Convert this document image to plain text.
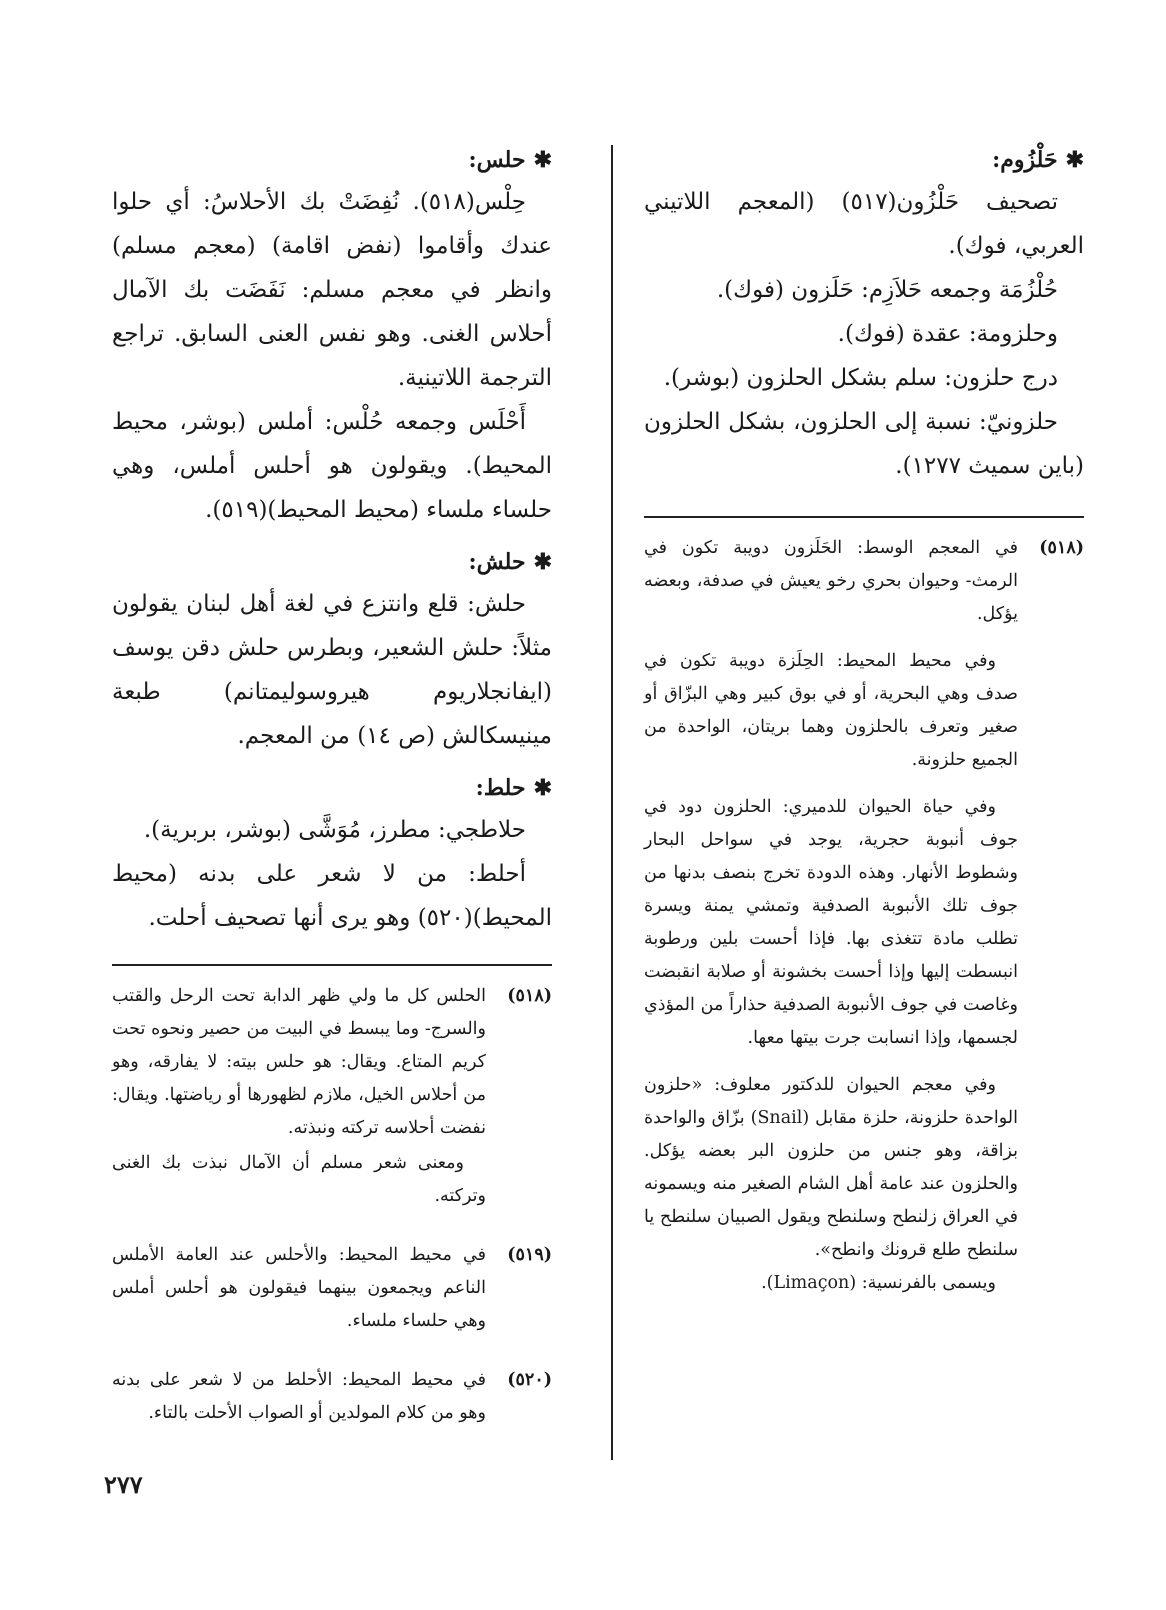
✱حَلْزُوم:

تصحيف حَلْزُون(٥١٧) (المعجم اللاتيني العربي، فوك).

حُلْزُمَة وجمعه حَلاَزِم: حَلَزون (فوك).

وحلزومة: عقدة (فوك).

درج حلزون: سلم بشكل الحلزون (بوشر).

حلزونيّ: نسبة إلى الحلزون، بشكل الحلزون (باين سميث ١٢٧٧).

(٥١٨)

في المعجم الوسط: الحَلَزون دويبة تكون في الرمث- وحيوان بحري رخو يعيش في صدفة، وبعضه يؤكل.

وفي محيط المحيط: الحِلَزة دويبة تكون في صدف وهي البحرية، أو في بوق كبير وهي البزّاق أو صغير وتعرف بالحلزون وهما بريتان، الواحدة من الجميع حلزونة.

وفي حياة الحيوان للدميري: الحلزون دود في جوف أنبوبة حجرية، يوجد في سواحل البحار وشطوط الأنهار. وهذه الدودة تخرج بنصف بدنها من جوف تلك الأنبوبة الصدفية وتمشي يمنة ويسرة تطلب مادة تتغذى بها. فإذا أحست بلين ورطوبة انبسطت إليها وإذا أحست بخشونة أو صلابة انقبضت وغاصت في جوف الأنبوبة الصدفية حذاراً من المؤذي لجسمها، وإذا انسابت جرت بيتها معها.

وفي معجم الحيوان للدكتور معلوف: «حلزون الواحدة حلزونة، حلزة مقابل (Snail) بزّاق والواحدة بزاقة، وهو جنس من حلزون البر بعضه يؤكل. والحلزون عند عامة أهل الشام الصغير منه ويسمونه في العراق زلنطح وسلنطح ويقول الصبيان سلنطح يا سلنطح طلع قرونك وانطح».

ويسمى بالفرنسية: (Limaçon).

✱حلس:

حِلْس(٥١٨). نُفِضَتْ بك الأحلاسُ: أي حلوا عندك وأقاموا (نفض اقامة) (معجم مسلم) وانظر في معجم مسلم: نَفَضَت بك الآمال أحلاس الغنى. وهو نفس العنى السابق. تراجع الترجمة اللاتينية.

أَحْلَس وجمعه حُلْس: أملس (بوشر، محيط المحيط). ويقولون هو أحلس أملس، وهي حلساء ملساء (محيط المحيط)(٥١٩).

✱حلش:

حلش: قلع وانتزع في لغة أهل لبنان يقولون مثلاً: حلش الشعير، وبطرس حلش دقن يوسف (ايفانجلاريوم هيروسوليمتانم) طبعة مينيسكالش (ص ١٤) من المعجم.

✱حلط:

حلاطجي: مطرز، مُوَشَّى (بوشر، بربرية).

أحلط: من لا شعر على بدنه (محيط المحيط)(٥٢٠) وهو يرى أنها تصحيف أحلت.

(٥١٨)

الحلس كل ما ولي ظهر الدابة تحت الرحل والقتب والسرج- وما يبسط في البيت من حصير ونحوه تحت كريم المتاع. ويقال: هو حلس بيته: لا يفارقه، وهو من أحلاس الخيل، ملازم لظهورها أو رياضتها. ويقال: نفضت أحلاسه تركته ونبذته.

ومعنى شعر مسلم أن الآمال نبذت بك الغنى وتركته.

(٥١٩)

في محيط المحيط: والأحلس عند العامة الأملس الناعم ويجمعون بينهما فيقولون هو أحلس أملس وهي حلساء ملساء.

(٥٢٠)

في محيط المحيط: الأحلط من لا شعر على بدنه وهو من كلام المولدين أو الصواب الأحلت بالتاء.

٢٧٧
